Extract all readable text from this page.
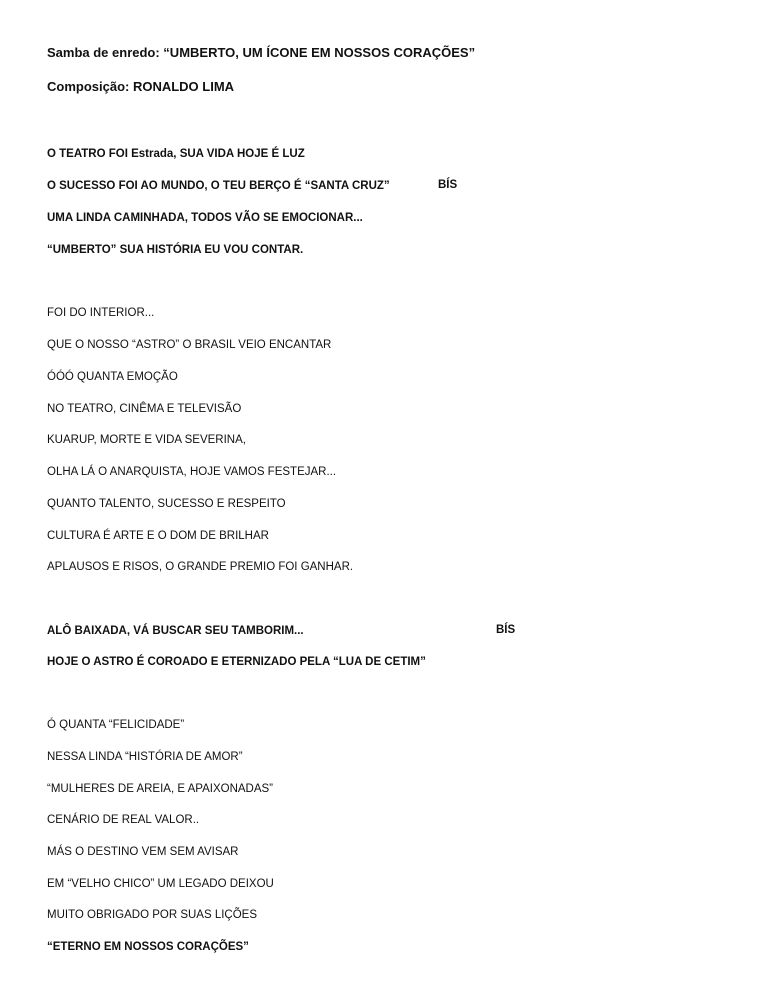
Samba de enredo: “UMBERTO, UM ÍCONE EM NOSSOS CORAÇÕES”
Composição: RONALDO LIMA
O TEATRO FOI Estrada, SUA VIDA HOJE É LUZ
O SUCESSO FOI AO MUNDO, O TEU BERÇO É “SANTA CRUZ”	BÍS
UMA LINDA CAMINHADA, TODOS VÃO SE EMOCIONAR...
“UMBERTO” SUA HISTÓRIA EU VOU CONTAR.
FOI DO INTERIOR...
QUE O NOSSO “ASTRO” O BRASIL VEIO ENCANTAR
ÓÓÓ QUANTA EMOÇÃO
NO TEATRO, CINÊMA E TELEVISÃO
KUARUP, MORTE E VIDA SEVERINA,
OLHA LÁ O ANARQUISTA, HOJE VAMOS FESTEJAR...
QUANTO TALENTO, SUCESSO E RESPEITO
CULTURA É ARTE E O DOM DE BRILHAR
APLAUSOS E RISOS, O GRANDE PREMIO FOI GANHAR.
ALÔ BAIXADA, VÁ BUSCAR SEU TAMBORIM...	BÍS
HOJE O ASTRO É COROADO E ETERNIZADO PELA “LUA DE CETIM”
Ó QUANTA “FELICIDADE”
NESSA LINDA “HISTÓRIA DE AMOR”
“MULHERES DE AREIA, E APAIXONADAS”
CENÁRIO DE REAL VALOR..
MÁS O DESTINO VEM SEM AVISAR
EM “VELHO CHICO” UM LEGADO DEIXOU
MUITO OBRIGADO POR SUAS LIÇÕES
“ETERNO EM NOSSOS CORAÇÕES”
